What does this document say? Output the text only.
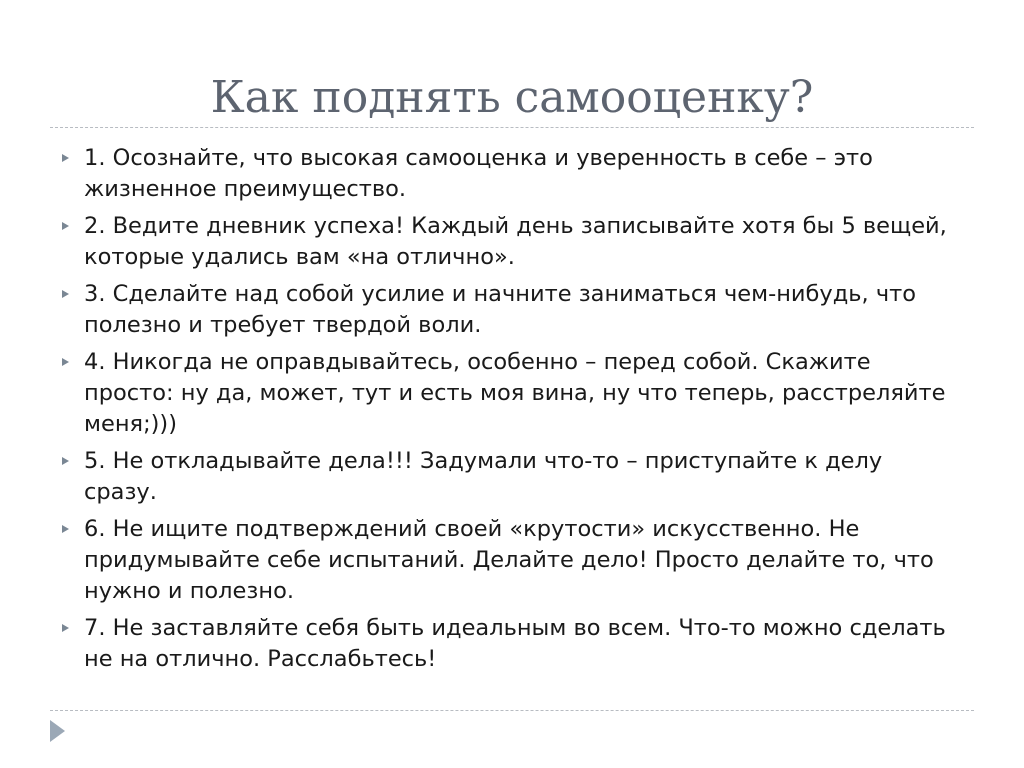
Как поднять самооценку?
1. Осознайте, что высокая самооценка и уверенность в себе – это жизненное преимущество.
2. Ведите дневник успеха! Каждый день записывайте хотя бы 5 вещей, которые удались вам «на отлично».
3. Сделайте над собой усилие и начните заниматься чем-нибудь, что полезно и требует твердой воли.
4. Никогда не оправдывайтесь, особенно – перед собой. Скажите просто: ну да, может, тут и есть моя вина, ну что теперь, расстреляйте меня;)))
5. Не откладывайте дела!!! Задумали что-то – приступайте к делу сразу.
6. Не ищите подтверждений своей «крутости» искусственно. Не придумывайте себе испытаний. Делайте дело! Просто делайте то, что нужно и полезно.
7. Не заставляйте себя быть идеальным во всем. Что-то можно сделать не на отлично. Расслабьтесь!
